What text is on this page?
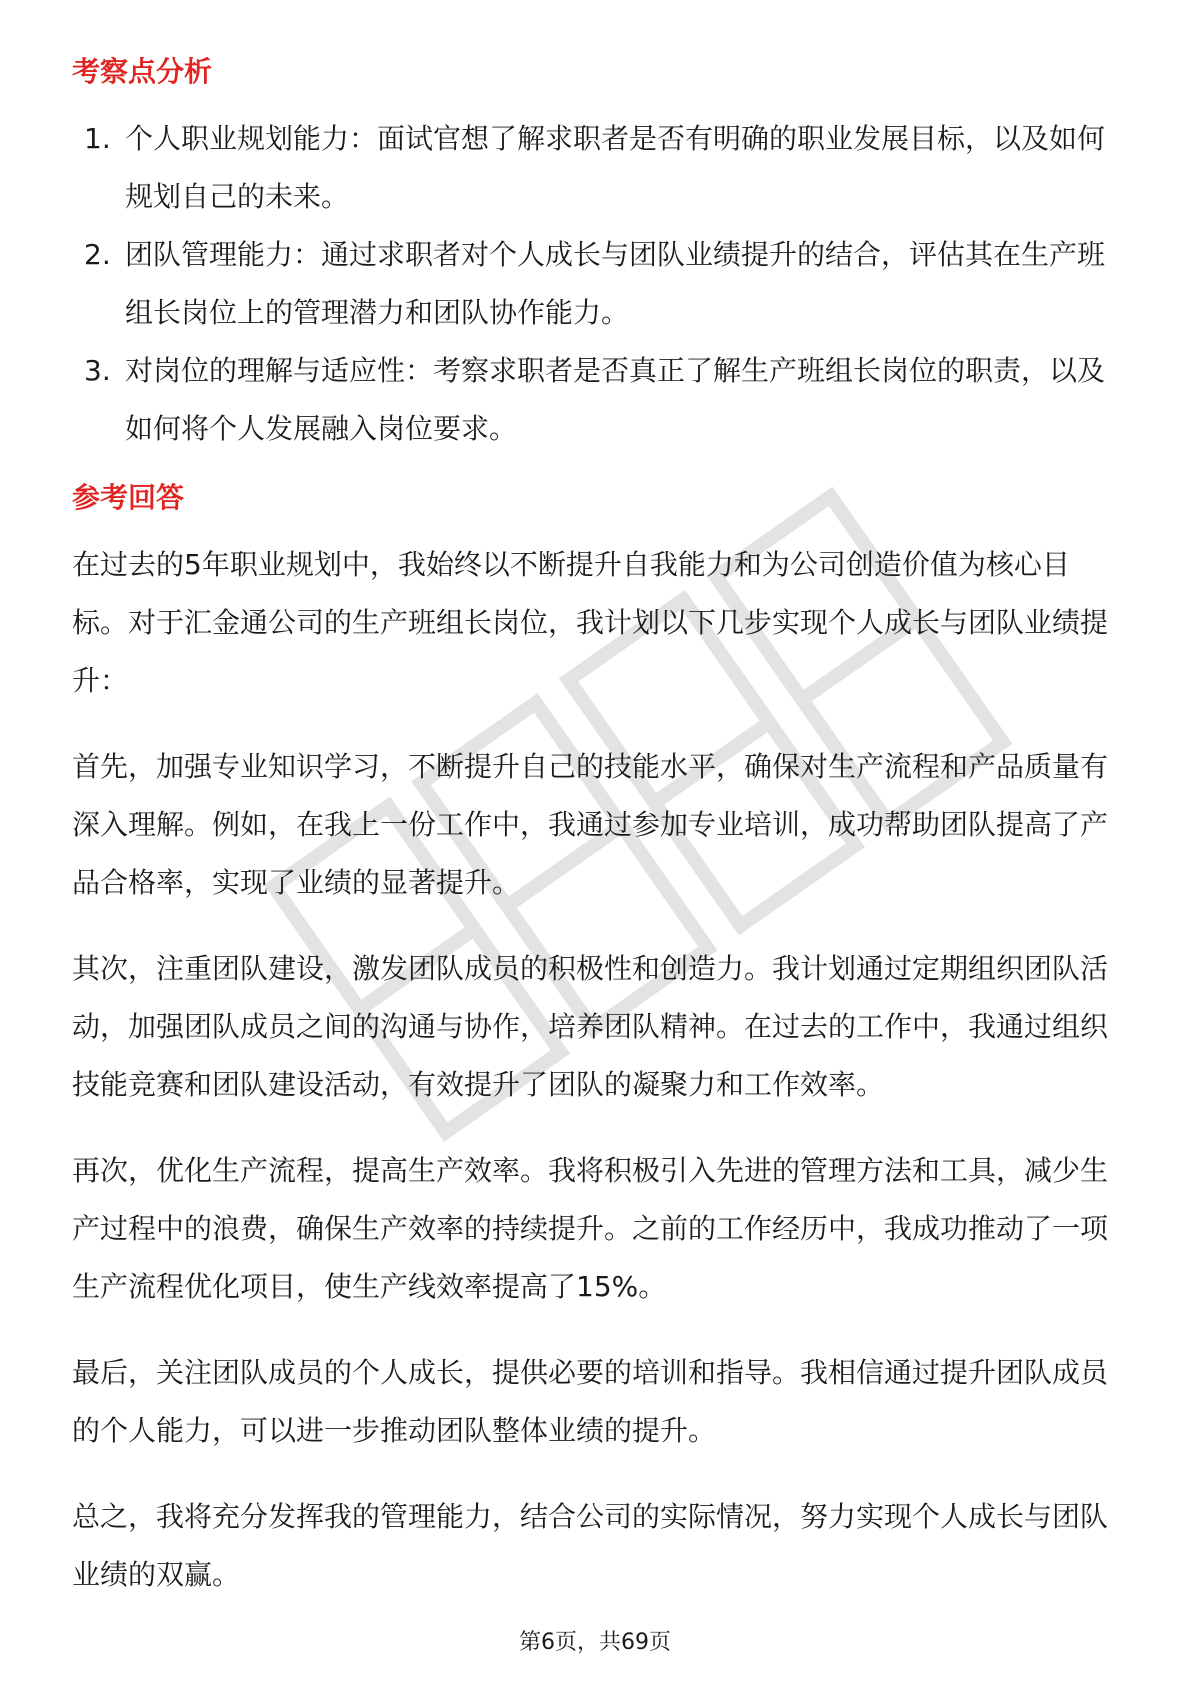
考察点分析
1. 个人职业规划能力：面试官想了解求职者是否有明确的职业发展目标，以及如何规划自己的未来。
2. 团队管理能力：通过求职者对个人成长与团队业绩提升的结合，评估其在生产班组长岗位上的管理潜力和团队协作能力。
3. 对岗位的理解与适应性：考察求职者是否真正了解生产班组长岗位的职责，以及如何将个人发展融入岗位要求。
参考回答

在过去的5年职业规划中，我始终以不断提升自我能力和为公司创造价值为核心目标。对于汇金通公司的生产班组长岗位，我计划以下几步实现个人成长与团队业绩提升：

首先，加强专业知识学习，不断提升自己的技能水平，确保对生产流程和产品质量有深入理解。例如，在我上一份工作中，我通过参加专业培训，成功帮助团队提高了产品合格率，实现了业绩的显著提升。

其次，注重团队建设，激发团队成员的积极性和创造力。我计划通过定期组织团队活动，加强团队成员之间的沟通与协作，培养团队精神。在过去的工作中，我通过组织技能竞赛和团队建设活动，有效提升了团队的凝聚力和工作效率。

再次，优化生产流程，提高生产效率。我将积极引入先进的管理方法和工具，减少生产过程中的浪费，确保生产效率的持续提升。之前的工作经历中，我成功推动了一项生产流程优化项目，使生产线效率提高了15%。

最后，关注团队成员的个人成长，提供必要的培训和指导。我相信通过提升团队成员的个人能力，可以进一步推动团队整体业绩的提升。

总之，我将充分发挥我的管理能力，结合公司的实际情况，努力实现个人成长与团队业绩的双赢。

第6页，共69页
